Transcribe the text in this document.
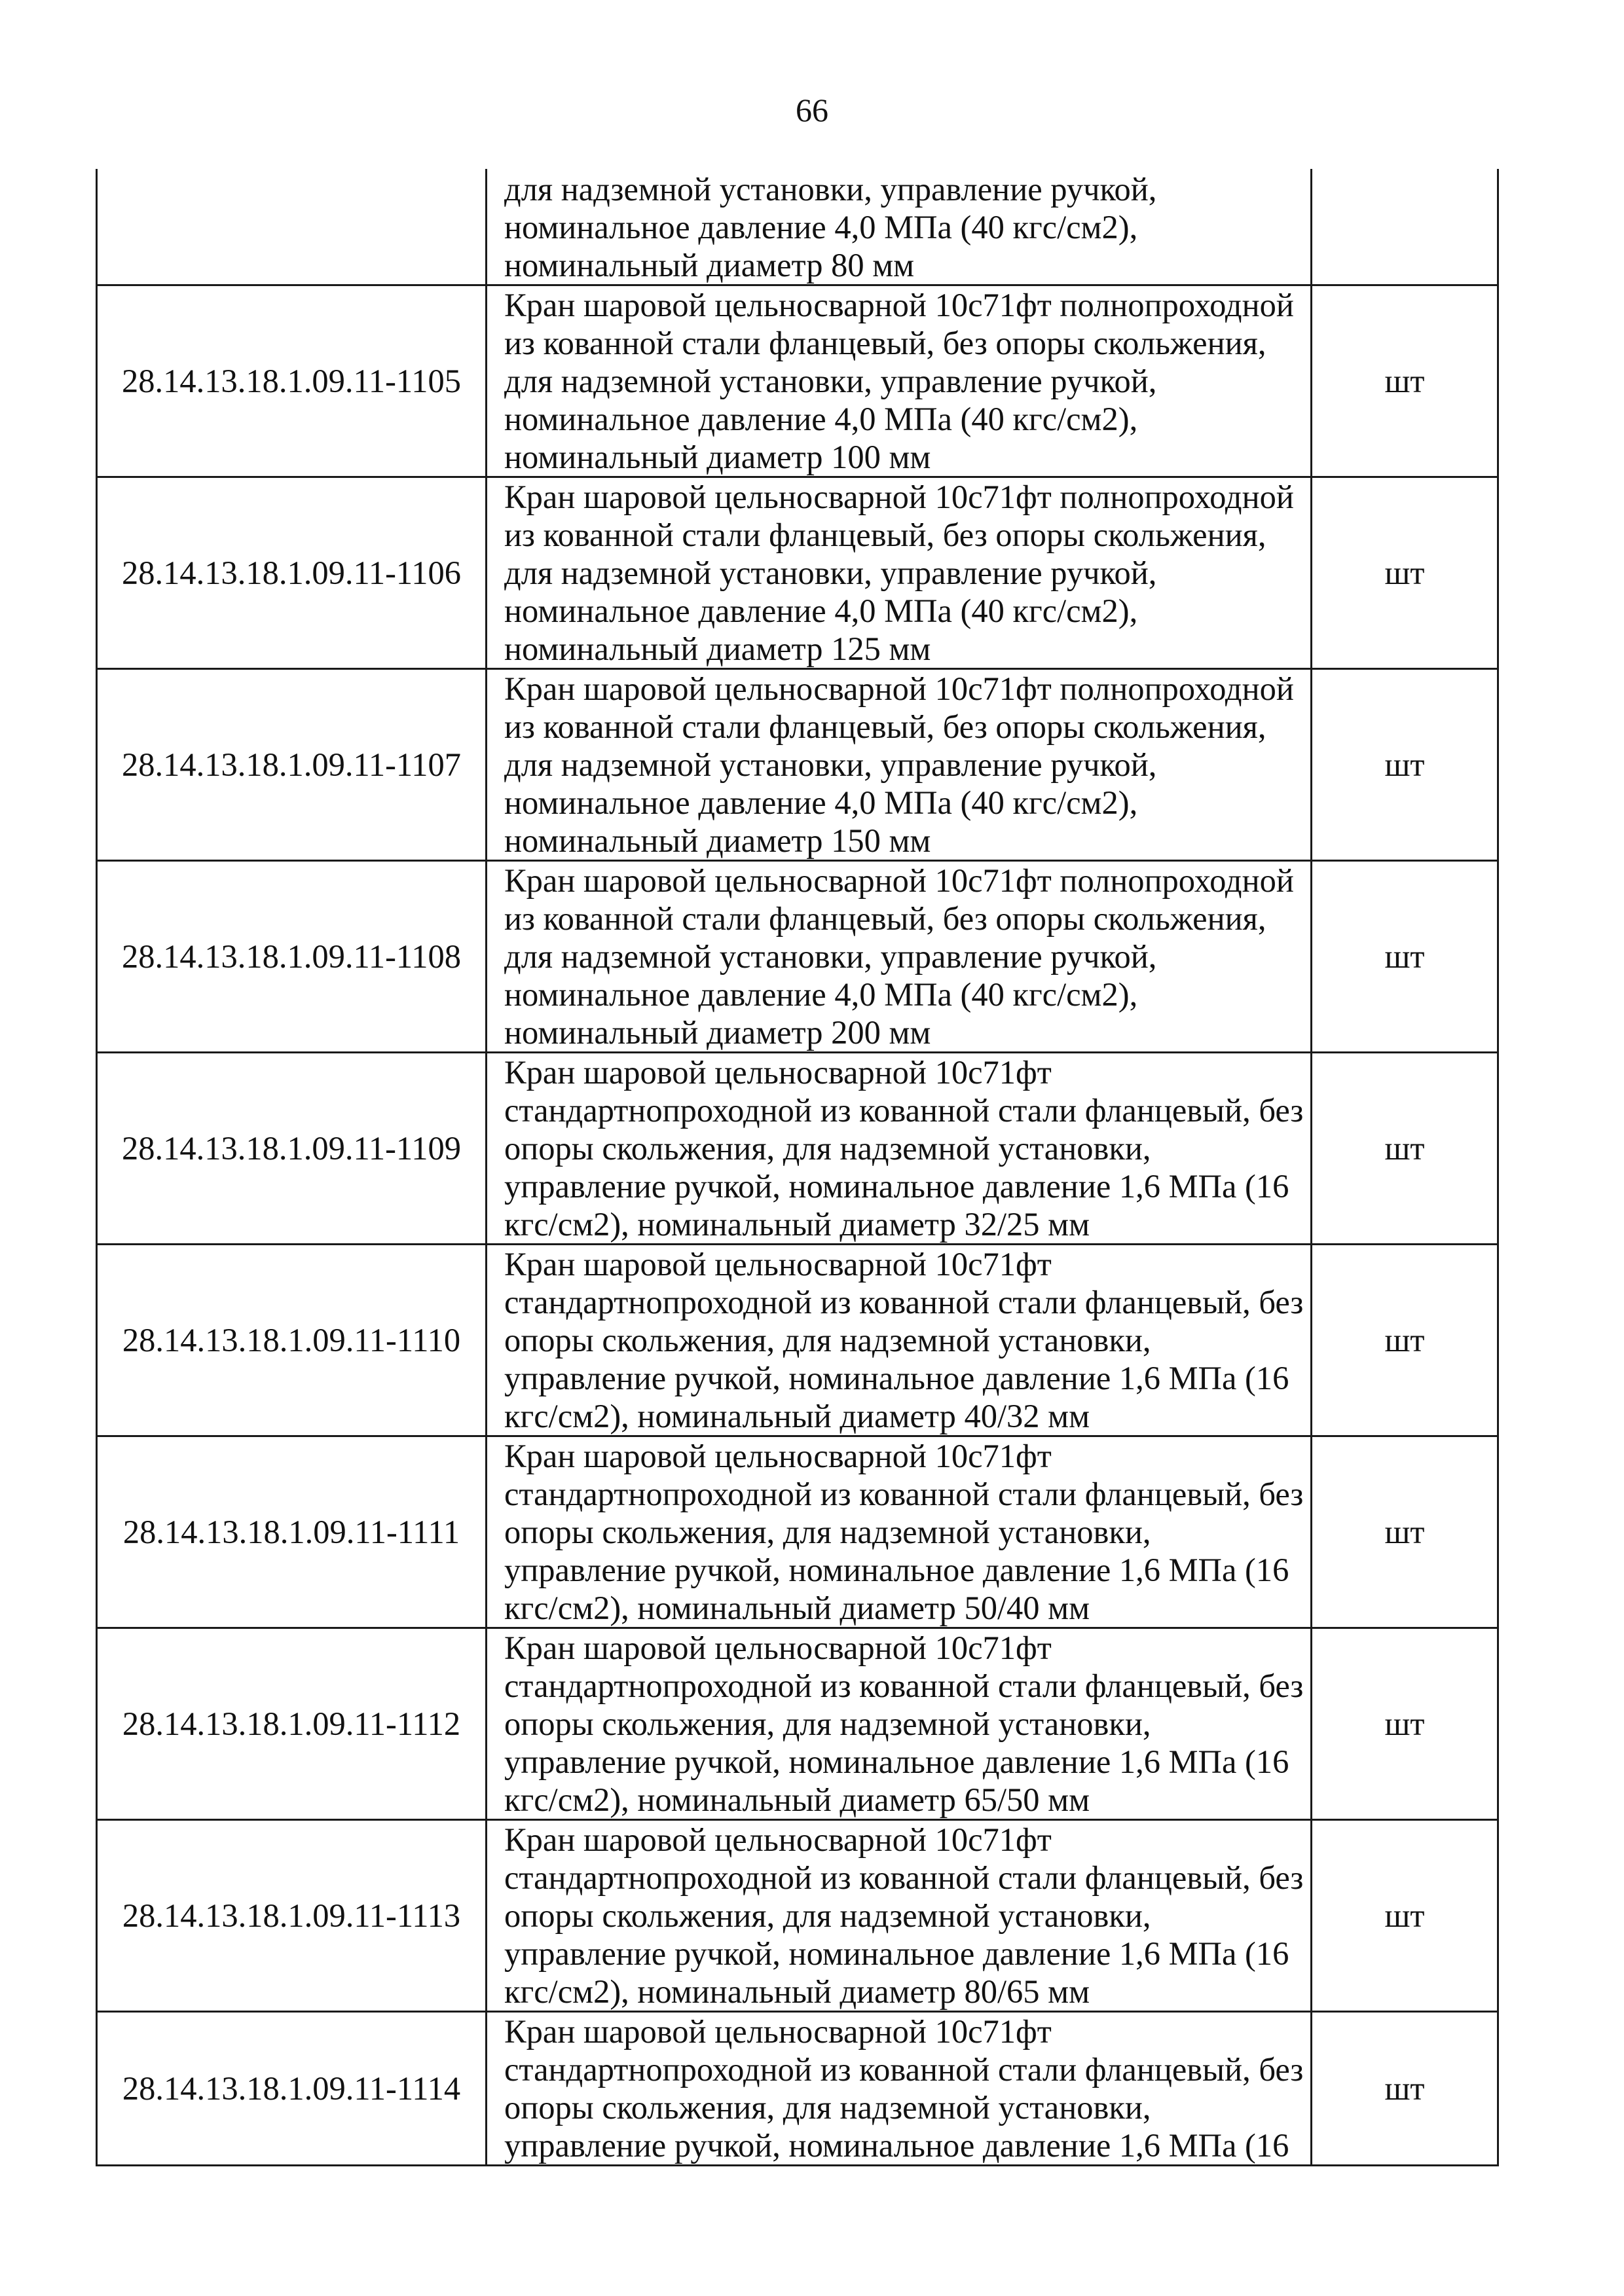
66

	для надземной установки, управление ручкой,
номинальное давление 4,0 МПа (40 кгс/см2),
номинальный диаметр 80 мм	

28.14.13.18.1.09.11-1105	Кран шаровой цельносварной 10с71фт полнопроходной
из кованной стали фланцевый, без опоры скольжения,
для надземной установки, управление ручкой,
номинальное давление 4,0 МПа (40 кгс/см2),
номинальный диаметр 100 мм	шт
28.14.13.18.1.09.11-1106	Кран шаровой цельносварной 10с71фт полнопроходной
из кованной стали фланцевый, без опоры скольжения,
для надземной установки, управление ручкой,
номинальное давление 4,0 МПа (40 кгс/см2),
номинальный диаметр 125 мм	шт
28.14.13.18.1.09.11-1107	Кран шаровой цельносварной 10с71фт полнопроходной
из кованной стали фланцевый, без опоры скольжения,
для надземной установки, управление ручкой,
номинальное давление 4,0 МПа (40 кгс/см2),
номинальный диаметр 150 мм	шт
28.14.13.18.1.09.11-1108	Кран шаровой цельносварной 10с71фт полнопроходной
из кованной стали фланцевый, без опоры скольжения,
для надземной установки, управление ручкой,
номинальное давление 4,0 МПа (40 кгс/см2),
номинальный диаметр 200 мм	шт
28.14.13.18.1.09.11-1109	Кран шаровой цельносварной 10с71фт
стандартнопроходной из кованной стали фланцевый, без
опоры скольжения, для надземной установки,
управление ручкой, номинальное давление 1,6 МПа (16
кгс/см2), номинальный диаметр 32/25 мм	шт
28.14.13.18.1.09.11-1110	Кран шаровой цельносварной 10с71фт
стандартнопроходной из кованной стали фланцевый, без
опоры скольжения, для надземной установки,
управление ручкой, номинальное давление 1,6 МПа (16
кгс/см2), номинальный диаметр 40/32 мм	шт
28.14.13.18.1.09.11-1111	Кран шаровой цельносварной 10с71фт
стандартнопроходной из кованной стали фланцевый, без
опоры скольжения, для надземной установки,
управление ручкой, номинальное давление 1,6 МПа (16
кгс/см2), номинальный диаметр 50/40 мм	шт
28.14.13.18.1.09.11-1112	Кран шаровой цельносварной 10с71фт
стандартнопроходной из кованной стали фланцевый, без
опоры скольжения, для надземной установки,
управление ручкой, номинальное давление 1,6 МПа (16
кгс/см2), номинальный диаметр 65/50 мм	шт
28.14.13.18.1.09.11-1113	Кран шаровой цельносварной 10с71фт
стандартнопроходной из кованной стали фланцевый, без
опоры скольжения, для надземной установки,
управление ручкой, номинальное давление 1,6 МПа (16
кгс/см2), номинальный диаметр 80/65 мм	шт
28.14.13.18.1.09.11-1114	Кран шаровой цельносварной 10с71фт
стандартнопроходной из кованной стали фланцевый, без
опоры скольжения, для надземной установки,
управление ручкой, номинальное давление 1,6 МПа (16	шт
